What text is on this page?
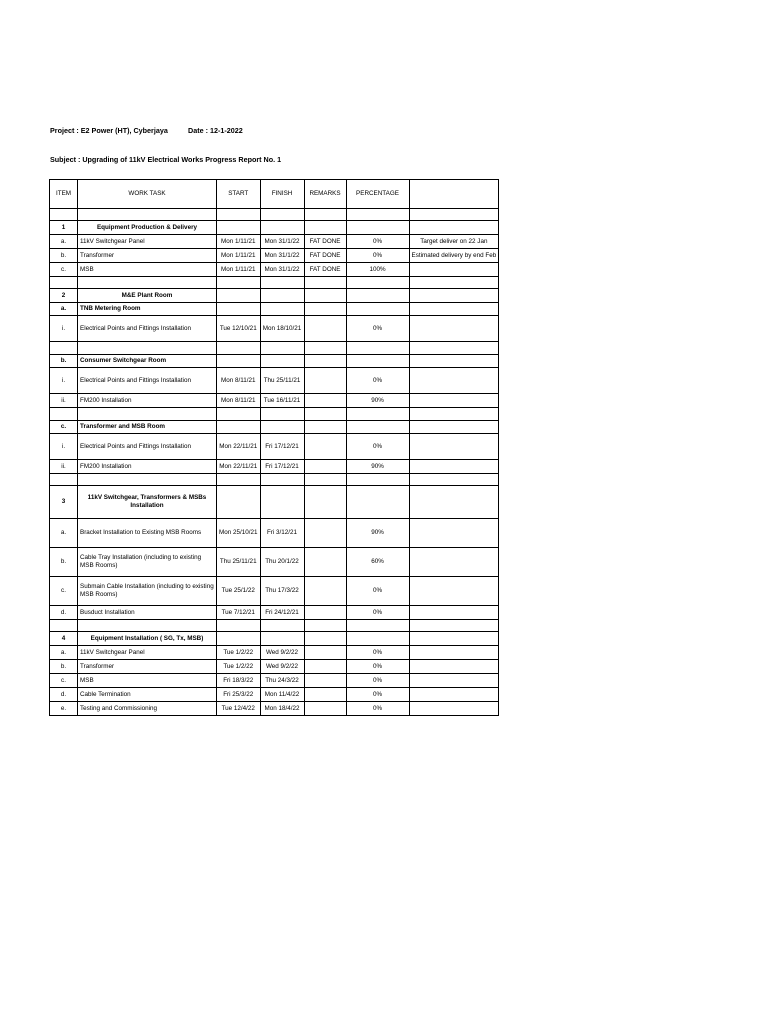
Project : E2 Power (HT), Cyberjaya	Date : 12-1-2022
Subject : Upgrading of 11kV Electrical Works Progress Report No. 1
ITEM	WORK TASK	START	FINISH	REMARKS	PERCENTAGE	

1	Equipment Production & Delivery					
a.	11kV Switchgear Panel	Mon 1/11/21	Mon 31/1/22	FAT DONE	0%	Target deliver on 22 Jan
b.	Transformer	Mon 1/11/21	Mon 31/1/22	FAT DONE	0%	Estimated delivery by end Feb
c.	MSB	Mon 1/11/21	Mon 31/1/22	FAT DONE	100%	

2	M&E Plant Room					
a.	TNB Metering Room					
i.	Electrical Points and Fittings Installation	Tue 12/10/21	Mon 18/10/21		0%	

b.	Consumer Switchgear Room					
i.	Electrical Points and Fittings Installation	Mon 8/11/21	Thu 25/11/21		0%	
ii.	FM200 Installation	Mon 8/11/21	Tue 16/11/21		90%	

c.	Transformer and MSB Room					
i.	Electrical Points and Fittings Installation	Mon 22/11/21	Fri 17/12/21		0%	
ii.	FM200 Installation	Mon 22/11/21	Fri 17/12/21		90%	

3	11kV Switchgear, Transformers & MSBs Installation					
a.	Bracket Installation to Existing MSB Rooms	Mon 25/10/21	Fri 3/12/21		90%	
b.	Cable Tray Installation (including to existing MSB Rooms)	Thu 25/11/21	Thu 20/1/22		60%	
c.	Submain Cable Installation (including to existing MSB Rooms)	Tue 25/1/22	Thu 17/3/22		0%	
d.	Busduct Installation	Tue 7/12/21	Fri 24/12/21		0%	

4	Equipment Installation ( SG, Tx, MSB)					
a.	11kV Switchgear Panel	Tue 1/2/22	Wed 9/2/22		0%	
b.	Transformer	Tue 1/2/22	Wed 9/2/22		0%	
c.	MSB	Fri 18/3/22	Thu 24/3/22		0%	
d.	Cable Termination	Fri 25/3/22	Mon 11/4/22		0%	
e.	Testing and Commissioning	Tue 12/4/22	Mon 18/4/22		0%	
